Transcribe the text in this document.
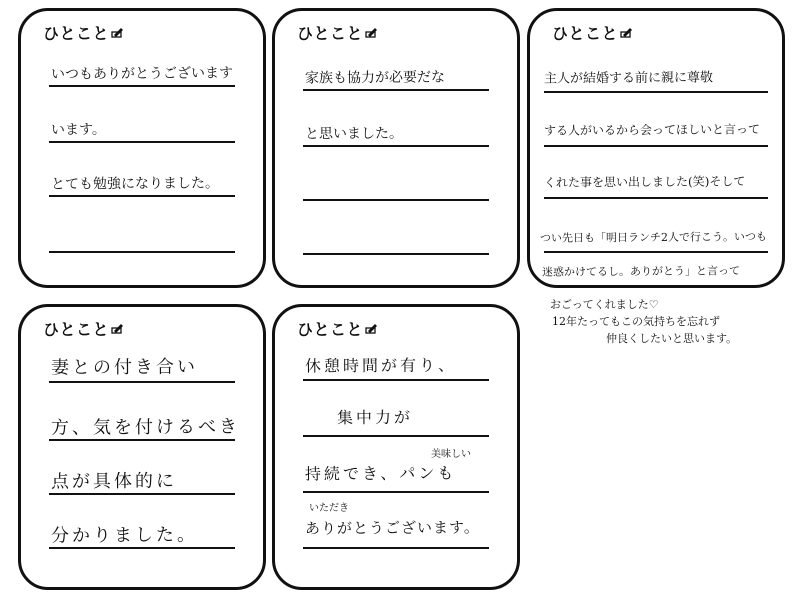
ひとこと
いつもありがとうございます
います。
とても勉強になりました。
ひとこと
家族も協力が必要だな
と思いました。
ひとこと
主人が結婚する前に親に尊敬
する人がいるから会ってほしいと言って
くれた事を思い出しました(笑)そして
つい先日も「明日ランチ2人で行こう。いつも
迷惑かけてるし。ありがとう」と言って
おごってくれました♡
12年たってもこの気持ちを忘れず
仲良くしたいと思います。
ひとこと
妻との付き合い
方、気を付けるべき
点が具体的に
分かりました。
ひとこと
休憩時間が有り、
集中力が
美味しい
持続でき、パンも
いただき
ありがとうございます。
